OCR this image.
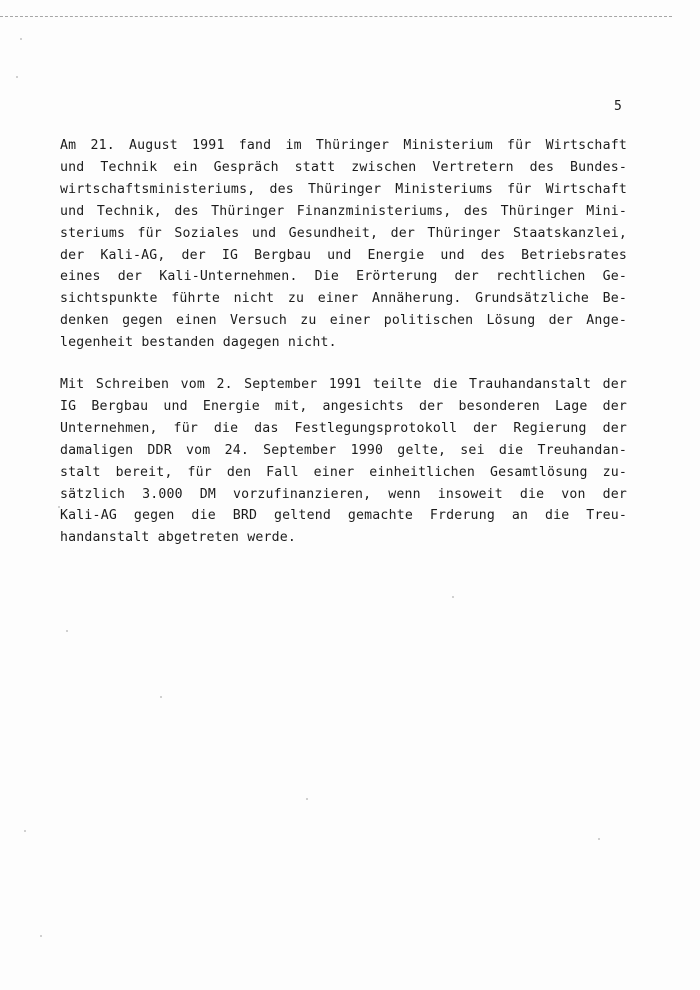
5

Am 21. August 1991 fand im Thüringer Ministerium für Wirtschaft
und Technik ein Gespräch statt zwischen Vertretern des Bundes-
wirtschaftsministeriums, des Thüringer Ministeriums für Wirtschaft
und Technik, des Thüringer Finanzministeriums, des Thüringer Mini-
steriums für Soziales und Gesundheit, der Thüringer Staatskanzlei,
der Kali-AG, der IG Bergbau und Energie und des Betriebsrates
eines der Kali-Unternehmen. Die Erörterung der rechtlichen Ge-
sichtspunkte führte nicht zu einer Annäherung. Grundsätzliche Be-
denken gegen einen Versuch zu einer politischen Lösung der Ange-
legenheit bestanden dagegen nicht.

Mit Schreiben vom 2. September 1991 teilte die Trauhandanstalt der
IG Bergbau und Energie mit, angesichts der besonderen Lage der
Unternehmen, für die das Festlegungsprotokoll der Regierung der
damaligen DDR vom 24. September 1990 gelte, sei die Treuhandan-
stalt bereit, für den Fall einer einheitlichen Gesamtlösung zu-
sätzlich 3.000 DM vorzufinanzieren, wenn insoweit die von der
Kali-AG gegen die BRD geltend gemachte Frderung an die Treu-
handanstalt abgetreten werde.
